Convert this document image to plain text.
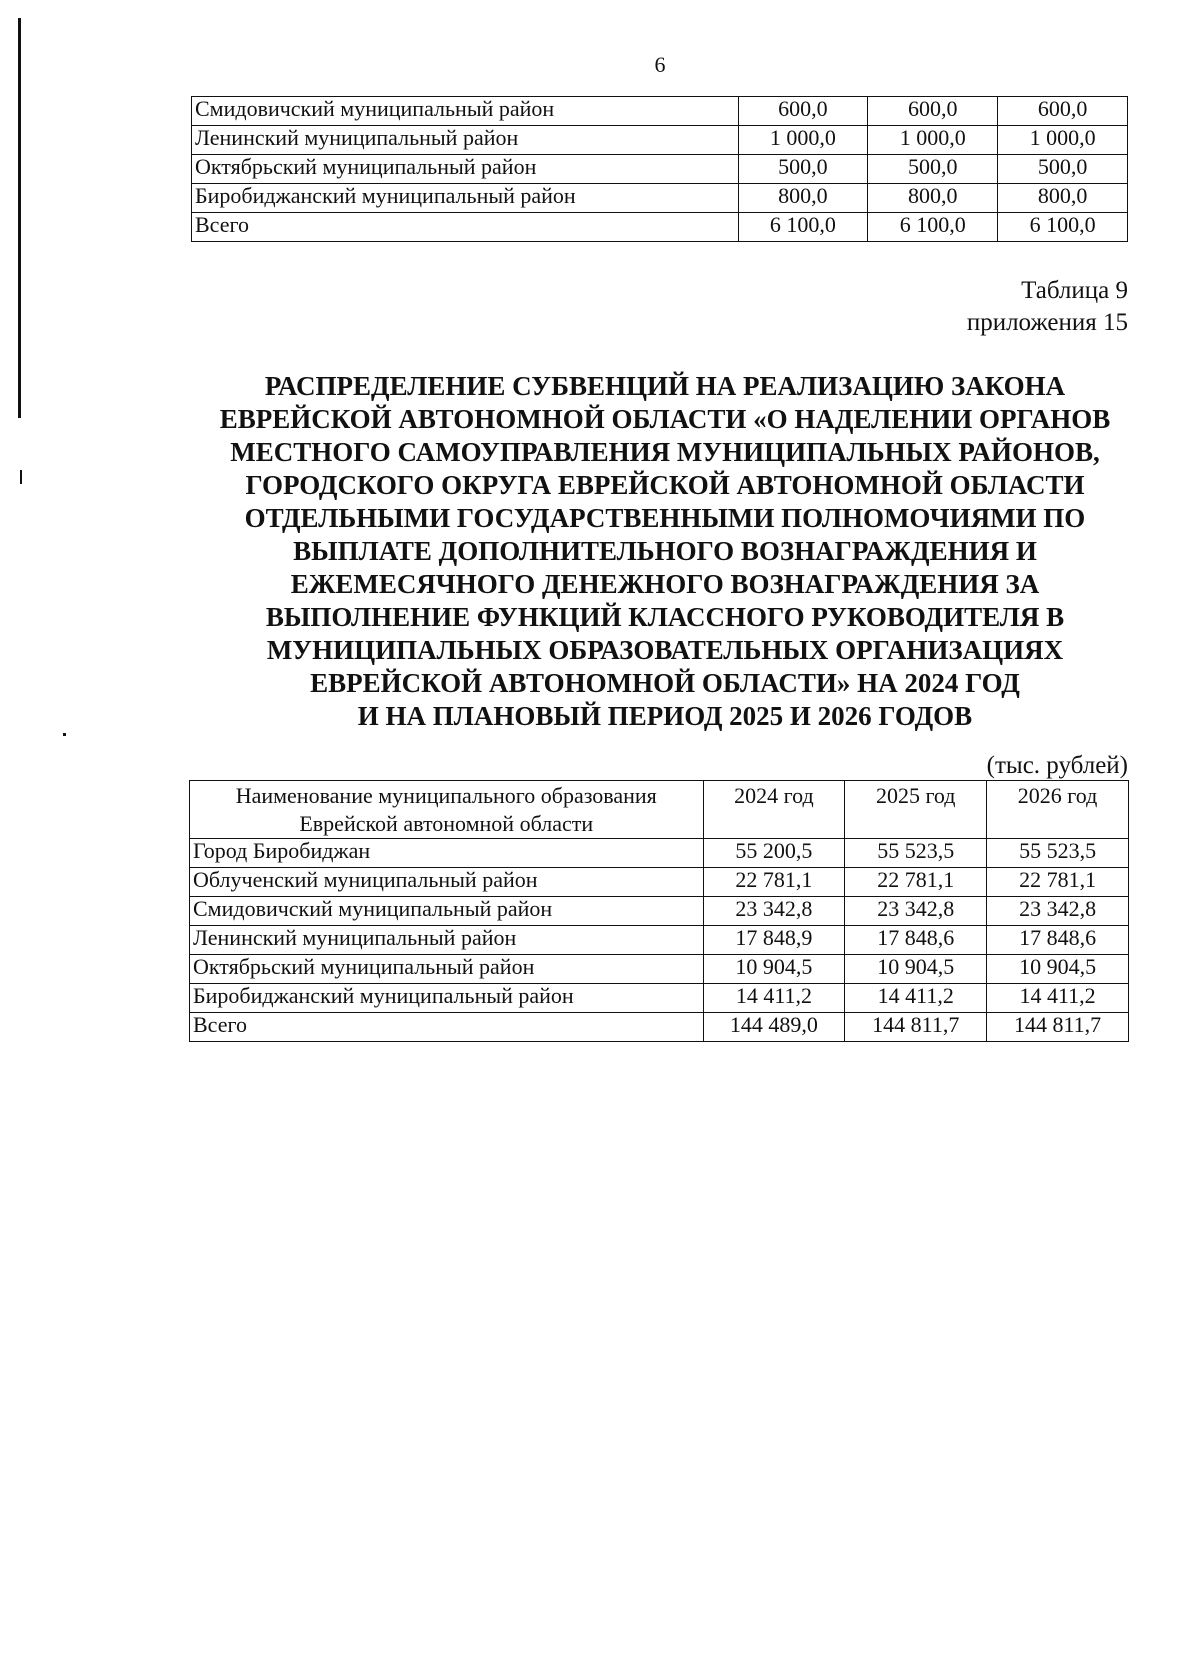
6
Смидовичский муниципальный район	600,0	600,0	600,0
Ленинский муниципальный район	1 000,0	1 000,0	1 000,0
Октябрьский муниципальный район	500,0	500,0	500,0
Биробиджанский муниципальный район	800,0	800,0	800,0
Всего	6 100,0	6 100,0	6 100,0
Таблица 9
приложения 15
РАСПРЕДЕЛЕНИЕ СУБВЕНЦИЙ НА РЕАЛИЗАЦИЮ ЗАКОНА
ЕВРЕЙСКОЙ АВТОНОМНОЙ ОБЛАСТИ «О НАДЕЛЕНИИ ОРГАНОВ
МЕСТНОГО САМОУПРАВЛЕНИЯ МУНИЦИПАЛЬНЫХ РАЙОНОВ,
ГОРОДСКОГО ОКРУГА ЕВРЕЙСКОЙ АВТОНОМНОЙ ОБЛАСТИ
ОТДЕЛЬНЫМИ ГОСУДАРСТВЕННЫМИ ПОЛНОМОЧИЯМИ ПО
ВЫПЛАТЕ ДОПОЛНИТЕЛЬНОГО ВОЗНАГРАЖДЕНИЯ И
ЕЖЕМЕСЯЧНОГО ДЕНЕЖНОГО ВОЗНАГРАЖДЕНИЯ ЗА
ВЫПОЛНЕНИЕ ФУНКЦИЙ КЛАССНОГО РУКОВОДИТЕЛЯ В
МУНИЦИПАЛЬНЫХ ОБРАЗОВАТЕЛЬНЫХ ОРГАНИЗАЦИЯХ
ЕВРЕЙСКОЙ АВТОНОМНОЙ ОБЛАСТИ» НА 2024 ГОД
И НА ПЛАНОВЫЙ ПЕРИОД 2025 И 2026 ГОДОВ
(тыс. рублей)
Наименование муниципального образования Еврейской автономной области	2024 год	2025 год	2026 год
Город Биробиджан	55 200,5	55 523,5	55 523,5
Облученский муниципальный район	22 781,1	22 781,1	22 781,1
Смидовичский муниципальный район	23 342,8	23 342,8	23 342,8
Ленинский муниципальный район	17 848,9	17 848,6	17 848,6
Октябрьский муниципальный район	10 904,5	10 904,5	10 904,5
Биробиджанский муниципальный район	14 411,2	14 411,2	14 411,2
Всего	144 489,0	144 811,7	144 811,7
